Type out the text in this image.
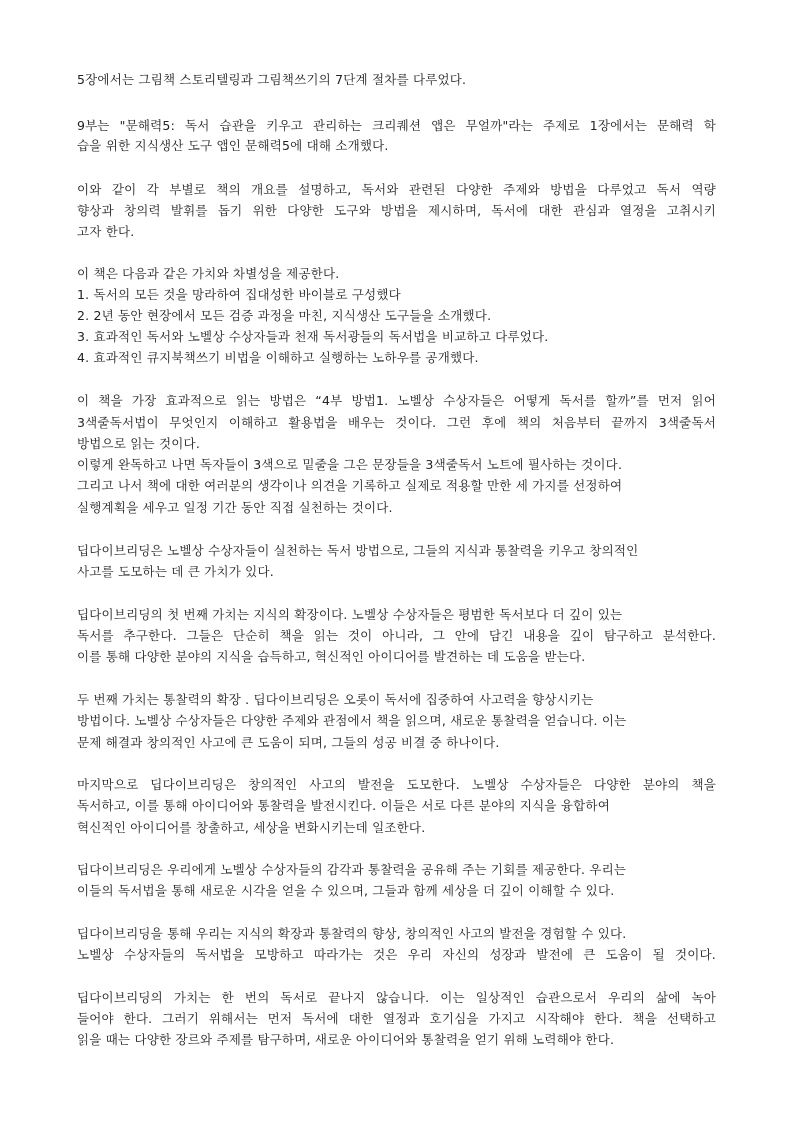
5장에서는 그림책 스토리텔링과 그림책쓰기의 7단계 절차를 다루었다.
9부는 "문해력5: 독서 습관을 키우고 관리하는 크리퀘션 앱은 무얼까"라는 주제로 1장에서는 문해력 학
습을 위한 지식생산 도구 앱인 문해력5에 대해 소개했다.
이와 같이 각 부별로 책의 개요를 설명하고, 독서와 관련된 다양한 주제와 방법을 다루었고 독서 역량
향상과 창의력 발휘를 돕기 위한 다양한 도구와 방법을 제시하며, 독서에 대한 관심과 열정을 고취시키
고자 한다.
이 책은 다음과 같은 가치와 차별성을 제공한다.
1. 독서의 모든 것을 망라하여 집대성한 바이블로 구성했다
2. 2년 동안 현장에서 모든 검증 과정을 마친, 지식생산 도구들을 소개했다.
3. 효과적인 독서와 노벨상 수상자들과 천재 독서광들의 독서법을 비교하고 다루었다.
4. 효과적인 큐지북책쓰기 비법을 이해하고 실행하는 노하우를 공개했다.
이 책을 가장 효과적으로 읽는 방법은 “4부 방법1. 노벨상 수상자들은 어떻게 독서를 할까”를 먼저 읽어
3색줄독서법이 무엇인지 이해하고 활용법을 배우는 것이다. 그런 후에 책의 처음부터 끝까지 3색줄독서
방법으로 읽는 것이다.
이렇게 완독하고 나면 독자들이 3색으로 밑줄을 그은 문장들을 3색줄독서 노트에 필사하는 것이다.
그리고 나서 책에 대한 여러분의 생각이나 의견을 기록하고 실제로 적용할 만한 세 가지를 선정하여
실행계획을 세우고 일정 기간 동안 직접 실천하는 것이다.
딥다이브리딩은 노벨상 수상자들이 실천하는 독서 방법으로, 그들의 지식과 통찰력을 키우고 창의적인
사고를 도모하는 데 큰 가치가 있다.
딥다이브리딩의 첫 번째 가치는 지식의 확장이다. 노벨상 수상자들은 평범한 독서보다 더 깊이 있는
독서를 추구한다. 그들은 단순히 책을 읽는 것이 아니라, 그 안에 담긴 내용을 깊이 탐구하고 분석한다.
이를 통해 다양한 분야의 지식을 습득하고, 혁신적인 아이디어를 발견하는 데 도움을 받는다.
두 번째 가치는 통찰력의 확장 . 딥다이브리딩은 오롯이 독서에 집중하여 사고력을 향상시키는
방법이다. 노벨상 수상자들은 다양한 주제와 관점에서 책을 읽으며, 새로운 통찰력을 얻습니다. 이는
문제 해결과 창의적인 사고에 큰 도움이 되며, 그들의 성공 비결 중 하나이다.
마지막으로 딥다이브리딩은 창의적인 사고의 발전을 도모한다. 노벨상 수상자들은 다양한 분야의 책을
독서하고, 이를 통해 아이디어와 통찰력을 발전시킨다. 이들은 서로 다른 분야의 지식을 융합하여
혁신적인 아이디어를 창출하고, 세상을 변화시키는데 일조한다.
딥다이브리딩은 우리에게 노벨상 수상자들의 감각과 통찰력을 공유해 주는 기회를 제공한다. 우리는
이들의 독서법을 통해 새로운 시각을 얻을 수 있으며, 그들과 함께 세상을 더 깊이 이해할 수 있다.
딥다이브리딩을 통해 우리는 지식의 확장과 통찰력의 향상, 창의적인 사고의 발전을 경험할 수 있다.
노벨상 수상자들의 독서법을 모방하고 따라가는 것은 우리 자신의 성장과 발전에 큰 도움이 될 것이다.
딥다이브리딩의 가치는 한 번의 독서로 끝나지 않습니다. 이는 일상적인 습관으로서 우리의 삶에 녹아
들어야 한다. 그러기 위해서는 먼저 독서에 대한 열정과 호기심을 가지고 시작해야 한다. 책을 선택하고
읽을 때는 다양한 장르와 주제를 탐구하며, 새로운 아이디어와 통찰력을 얻기 위해 노력해야 한다.
